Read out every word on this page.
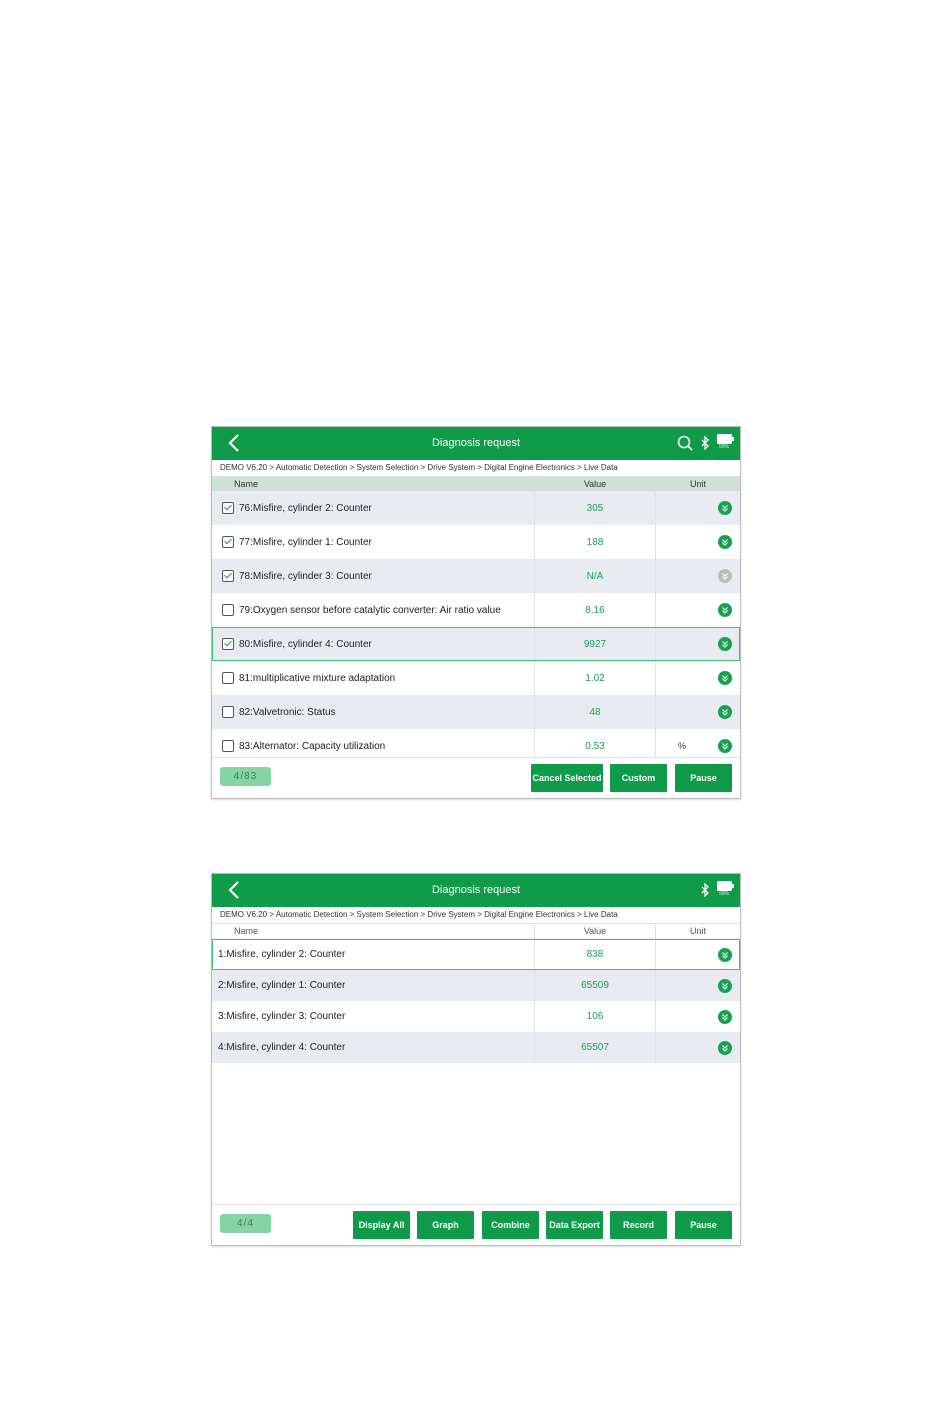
Diagnosis request	99%
DEMO V6.20 > Automatic Detection > System Selection > Drive System > Digital Engine Electronics > Live Data
Name	Value	Unit
76:Misfire, cylinder 2: Counter	305
77:Misfire, cylinder 1: Counter	188
78:Misfire, cylinder 3: Counter	N/A
79:Oxygen sensor before catalytic converter: Air ratio value	8.16
80:Misfire, cylinder 4: Counter	9927
81:multiplicative mixture adaptation	1.02
82:Valvetronic: Status	48
83:Alternator: Capacity utilization	0.53	%
4/83	Cancel Selected	Custom	Pause
Diagnosis request	99%
DEMO V6.20 > Automatic Detection > System Selection > Drive System > Digital Engine Electronics > Live Data
Name	Value	Unit
1:Misfire, cylinder 2: Counter	838
2:Misfire, cylinder 1: Counter	65509
3:Misfire, cylinder 3: Counter	106
4:Misfire, cylinder 4: Counter	65507
4/4	Display All	Graph	Combine	Data Export	Record	Pause
